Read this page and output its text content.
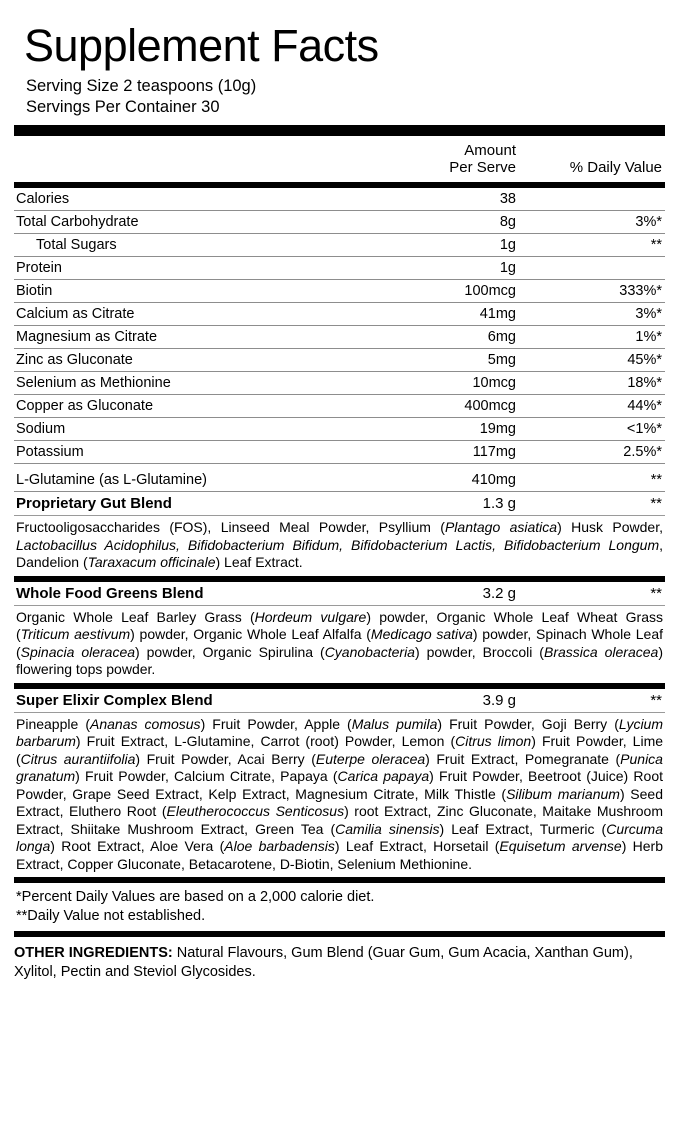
Supplement Facts
Serving Size 2 teaspoons (10g)
Servings Per Container 30

Amount
Per Serve	% Daily Value
Calories	38	
Total Carbohydrate	8g	3%*
Total Sugars	1g	**
Protein	1g	
Biotin	100mcg	333%*
Calcium as Citrate	41mg	3%*
Magnesium as Citrate	6mg	1%*
Zinc as Gluconate	5mg	45%*
Selenium as Methionine	10mcg	18%*
Copper as Gluconate	400mcg	44%*
Sodium	19mg	<1%*
Potassium	117mg	2.5%*
L-Glutamine (as L-Glutamine)	410mg	**
Proprietary Gut Blend	1.3 g	**
Fructooligosaccharides (FOS), Linseed Meal Powder, Psyllium (Plantago asiatica) Husk Powder, Lactobacillus Acidophilus, Bifidobacterium Bifidum, Bifidobacterium Lactis, Bifidobacterium Longum, Dandelion (Taraxacum officinale) Leaf Extract.
Whole Food Greens Blend	3.2 g	**
Organic Whole Leaf Barley Grass (Hordeum vulgare) powder, Organic Whole Leaf Wheat Grass (Triticum aestivum) powder, Organic Whole Leaf Alfalfa (Medicago sativa) powder, Spinach Whole Leaf (Spinacia oleracea) powder, Organic Spirulina (Cyanobacteria) powder, Broccoli (Brassica oleracea) flowering tops powder.
Super Elixir Complex Blend	3.9 g	**
Pineapple (Ananas comosus) Fruit Powder, Apple (Malus pumila) Fruit Powder, Goji Berry (Lycium barbarum) Fruit Extract, L-Glutamine, Carrot (root) Powder, Lemon (Citrus limon) Fruit Powder, Lime (Citrus aurantiifolia) Fruit Powder, Acai Berry (Euterpe oleracea) Fruit Extract, Pomegranate (Punica granatum) Fruit Powder, Calcium Citrate, Papaya (Carica papaya) Fruit Powder, Beetroot (Juice) Root Powder, Grape Seed Extract, Kelp Extract, Magnesium Citrate, Milk Thistle (Silibum marianum) Seed Extract, Eluthero Root (Eleutherococcus Senticosus) root Extract, Zinc Gluconate, Maitake Mushroom Extract, Shiitake Mushroom Extract, Green Tea (Camilia sinensis) Leaf Extract, Turmeric (Curcuma longa) Root Extract, Aloe Vera (Aloe barbadensis) Leaf Extract, Horsetail (Equisetum arvense) Herb Extract, Copper Gluconate, Betacarotene, D-Biotin, Selenium Methionine.
*Percent Daily Values are based on a 2,000 calorie diet.
**Daily Value not established.
OTHER INGREDIENTS: Natural Flavours, Gum Blend (Guar Gum, Gum Acacia, Xanthan Gum), Xylitol, Pectin and Steviol Glycosides.
